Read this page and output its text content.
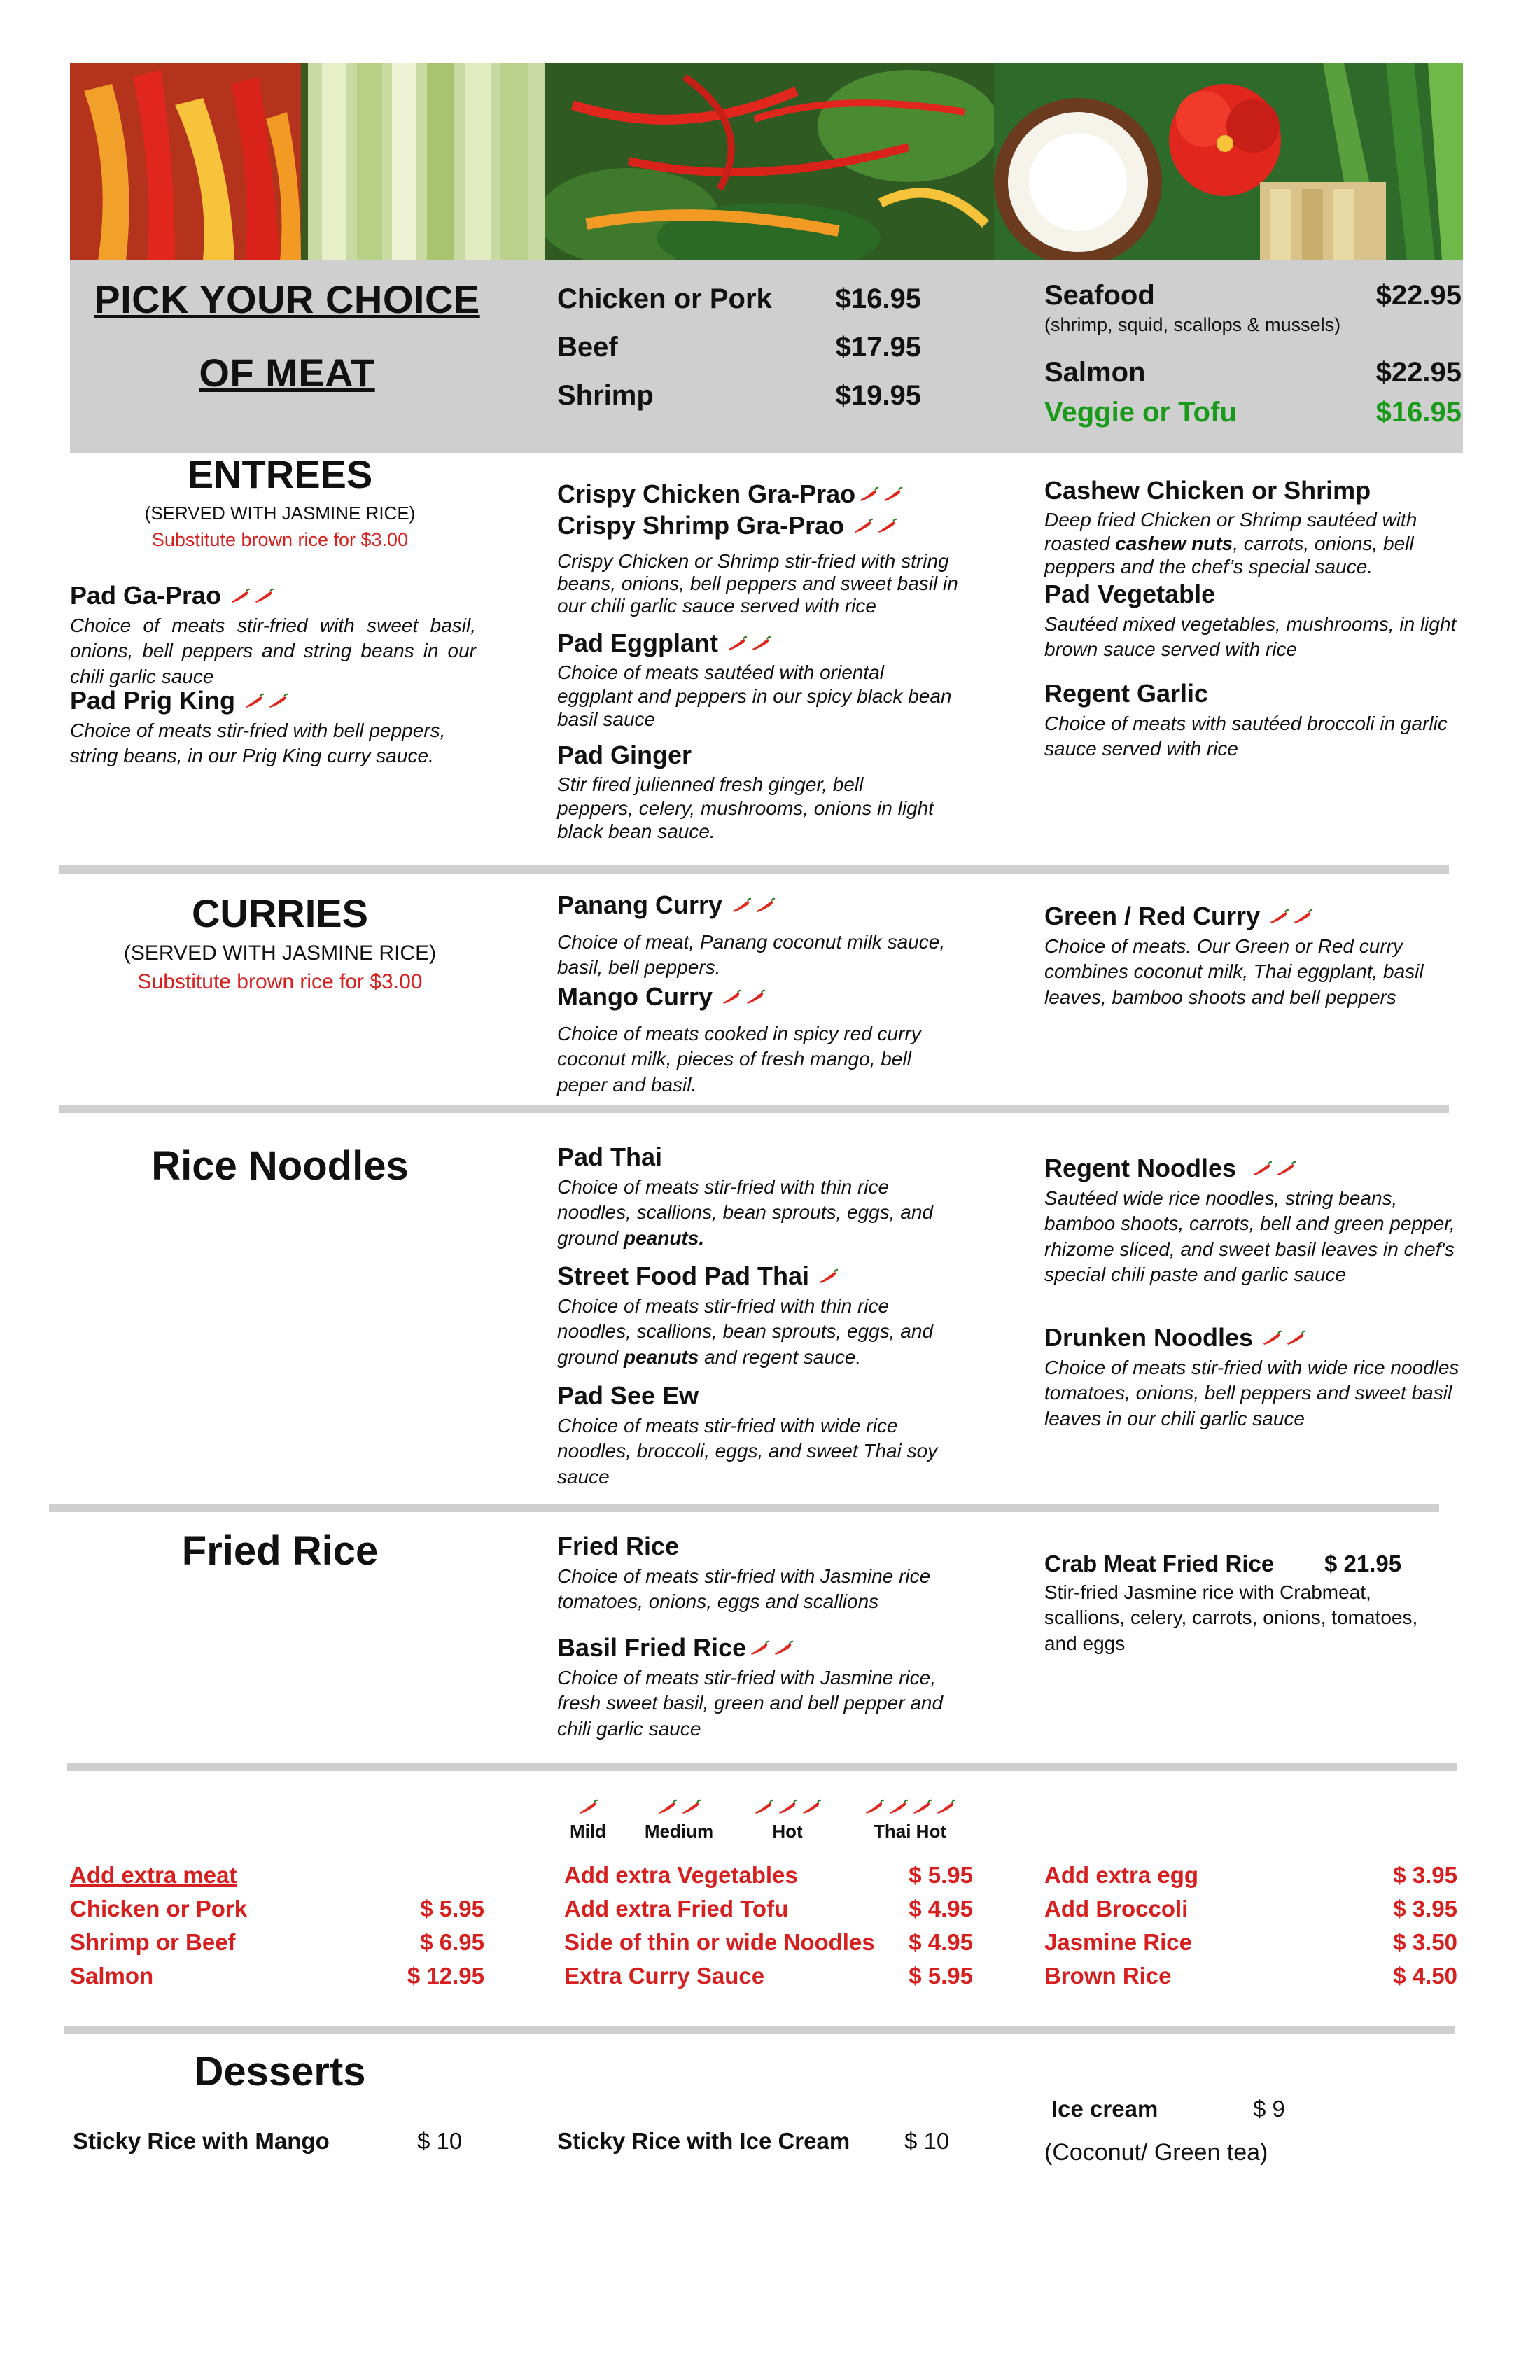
PICK YOUR CHOICE
OF MEAT
Chicken or Pork $16.95
Beef	$17.95
Shrimp	$19.95
Seafood	$22.95
(shrimp, squid, scallops & mussels)
Salmon	$22.95
Veggie or Tofu	$16.95
ENTREES
(SERVED WITH JASMINE RICE)
Substitute brown rice for $3.00
Pad Ga-Prao
Choice of meats stir-fried with sweet basil, onions, bell peppers and string beans in our chili garlic sauce
Pad Prig King
Choice of meats stir-fried with bell peppers, string beans, in our Prig King curry sauce.
Crispy Chicken Gra-Prao
Crispy Shrimp Gra-Prao
Crispy Chicken or Shrimp stir-fried with string beans, onions, bell peppers and sweet basil in our chili garlic sauce served with rice
Pad Eggplant
Choice of meats sautéed with oriental eggplant and peppers in our spicy black bean basil sauce
Pad Ginger
Stir fired julienned fresh ginger, bell peppers, celery, mushrooms, onions in light black bean sauce.
Cashew Chicken or Shrimp
Deep fried Chicken or Shrimp sautéed with roasted cashew nuts, carrots, onions, bell peppers and the chef’s special sauce.
Pad Vegetable
Sautéed mixed vegetables, mushrooms, in light brown sauce served with rice
Regent Garlic
Choice of meats with sautéed broccoli in garlic sauce served with rice
CURRIES
(SERVED WITH JASMINE RICE)
Substitute brown rice for $3.00
Panang Curry
Choice of meat, Panang coconut milk sauce, basil, bell peppers.
Mango Curry
Choice of meats cooked in spicy red curry coconut milk, pieces of fresh mango, bell peper and basil.
Green / Red Curry
Choice of meats. Our Green or Red curry combines coconut milk, Thai eggplant, basil leaves, bamboo shoots and bell peppers
Rice Noodles	Pad Thai
Choice of meats stir-fried with thin rice noodles, scallions, bean sprouts, eggs, and ground peanuts.
Street Food Pad Thai
Choice of meats stir-fried with thin rice noodles, scallions, bean sprouts, eggs, and ground peanuts and regent sauce.
Pad See Ew
Choice of meats stir-fried with wide rice noodles, broccoli, eggs, and sweet Thai soy sauce
Regent Noodles
Sautéed wide rice noodles, string beans, bamboo shoots, carrots, bell and green pepper, rhizome sliced, and sweet basil leaves in chef's special chili paste and garlic sauce
Drunken Noodles
Choice of meats stir-fried with wide rice noodles tomatoes, onions, bell peppers and sweet basil leaves in our chili garlic sauce
Fried Rice	Fried Rice
Choice of meats stir-fried with Jasmine rice tomatoes, onions, eggs and scallions
Basil Fried Rice
Choice of meats stir-fried with Jasmine rice, fresh sweet basil, green and bell pepper and chili garlic sauce
Crab Meat Fried Rice	$ 21.95
Stir-fried Jasmine rice with Crabmeat, scallions, celery, carrots, onions, tomatoes, and eggs
Mild	Medium	Hot	Thai Hot
Add extra meat
Chicken or Pork	$ 5.95
Shrimp or Beef	$ 6.95
Salmon	$ 12.95
Add extra Vegetables	$ 5.95
Add extra Fried Tofu	$ 4.95
Side of thin or wide Noodles $ 4.95
Extra Curry Sauce	$ 5.95
Add extra egg	$ 3.95
Add Broccoli	$ 3.95
Jasmine Rice	$ 3.50
Brown Rice	$ 4.50
Desserts
Sticky Rice with Mango	$ 10	Sticky Rice with Ice Cream $ 10
Ice cream	$ 9
(Coconut/ Green tea)
